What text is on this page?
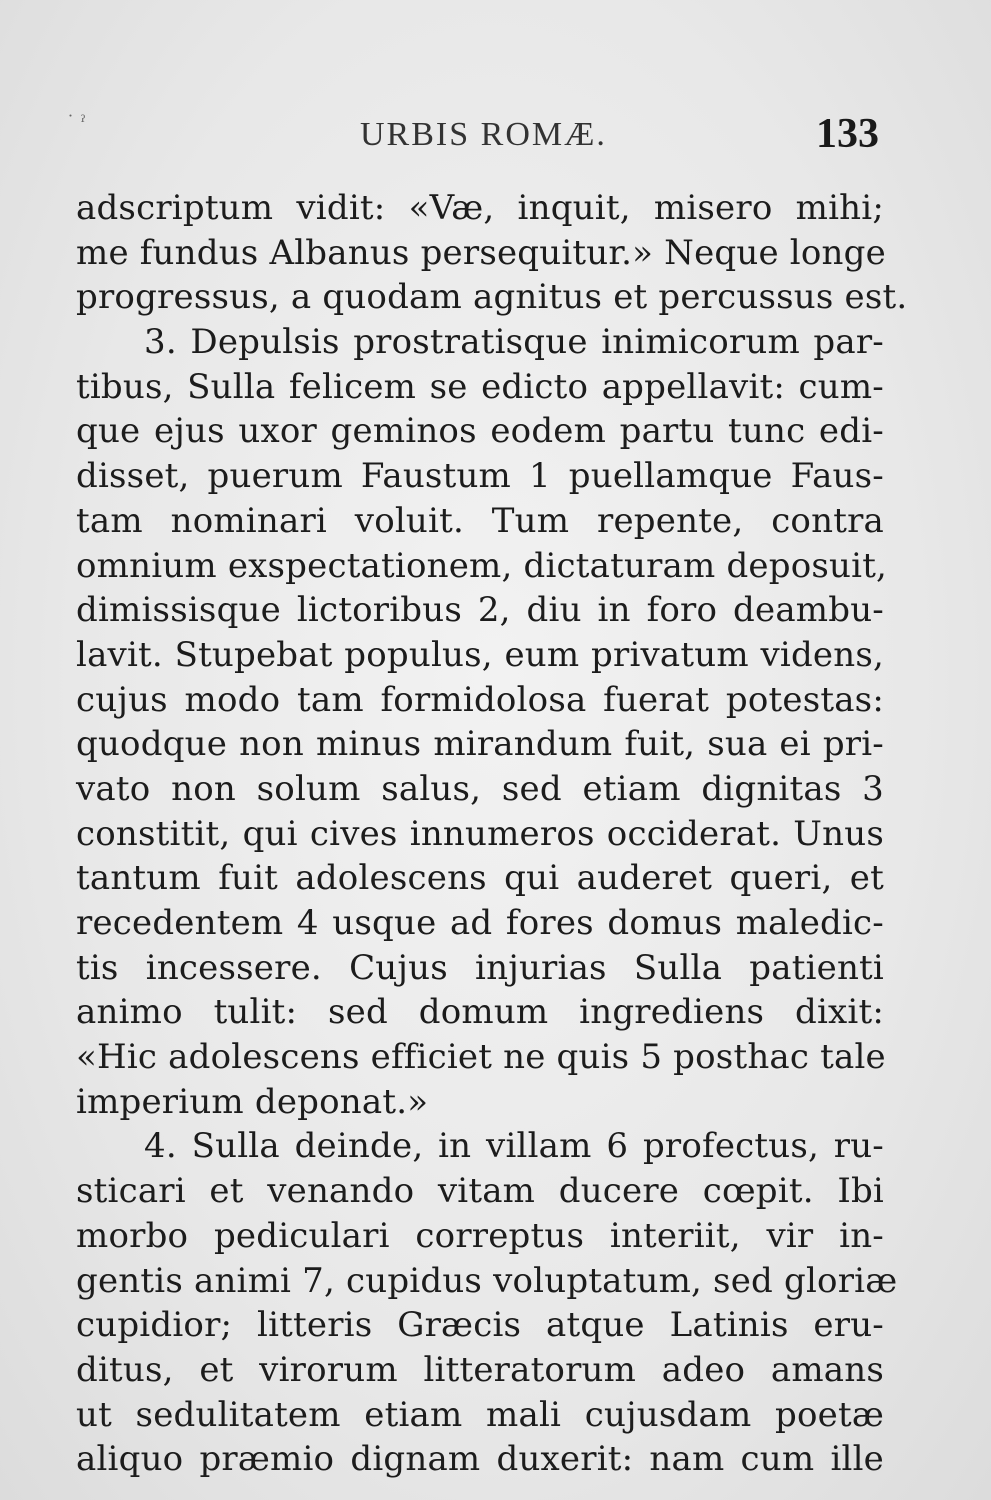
˙ ˀ	URBIS ROMÆ.	133
adscriptum vidit: «Væ, inquit, misero mihi;
me fundus Albanus persequitur.» Neque longe
progressus, a quodam agnitus et percussus est.
3. Depulsis prostratisque inimicorum par-
tibus, Sulla felicem se edicto appellavit: cum-
que ejus uxor geminos eodem partu tunc edi-
disset, puerum Faustum 1 puellamque Faus-
tam nominari voluit. Tum repente, contra
omnium exspectationem, dictaturam deposuit,
dimissisque lictoribus 2, diu in foro deambu-
lavit. Stupebat populus, eum privatum videns,
cujus modo tam formidolosa fuerat potestas:
quodque non minus mirandum fuit, sua ei pri-
vato non solum salus, sed etiam dignitas 3
constitit, qui cives innumeros occiderat. Unus
tantum fuit adolescens qui auderet queri, et
recedentem 4 usque ad fores domus maledic-
tis incessere. Cujus injurias Sulla patienti
animo tulit: sed domum ingrediens dixit:
«Hic adolescens efficiet ne quis 5 posthac tale
imperium deponat.»
4. Sulla deinde, in villam 6 profectus, ru-
sticari et venando vitam ducere cœpit. Ibi
morbo pediculari correptus interiit, vir in-
gentis animi 7, cupidus voluptatum, sed gloriæ
cupidior; litteris Græcis atque Latinis eru-
ditus, et virorum litteratorum adeo amans
ut sedulitatem etiam mali cujusdam poetæ
aliquo præmio dignam duxerit: nam cum ille
